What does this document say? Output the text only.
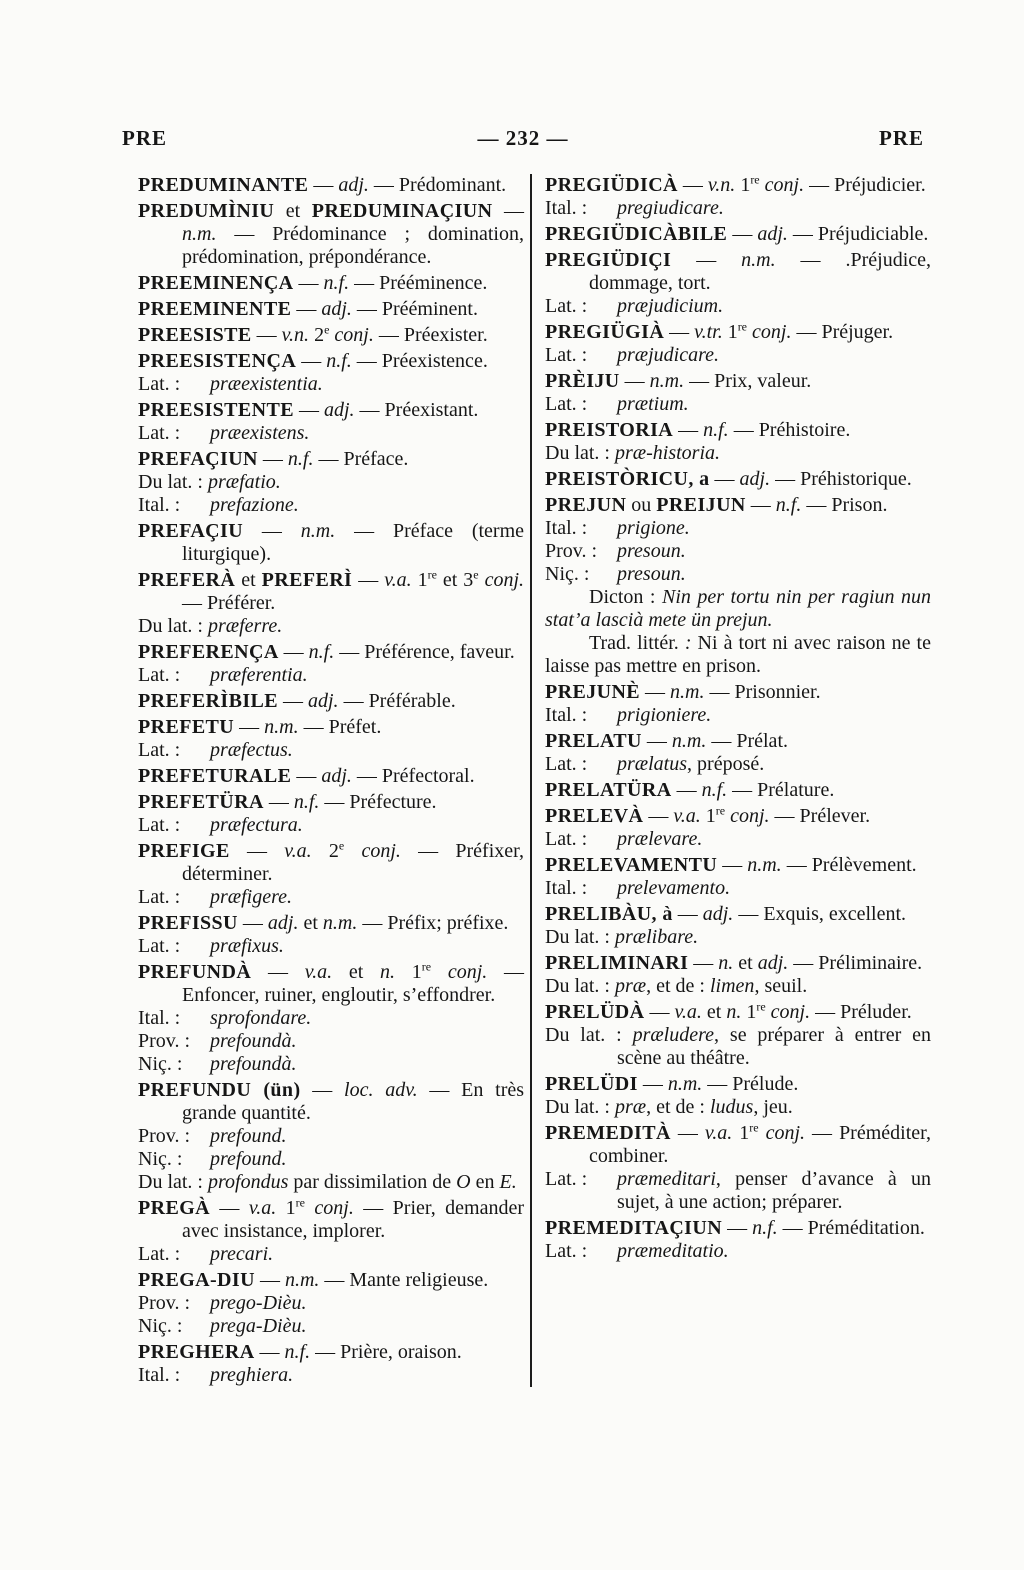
PRE	— 232 —	PRE

PREDUMINANTE — adj. — Prédominant.

PREDUMÌNIU et PREDUMINAÇIUN — n.m. — Prédominance ; domination, prédomination, prépondérance.

PREEMINENÇA — n.f. — Prééminence.

PREEMINENTE — adj. — Prééminent.

PREESISTE — v.n. 2e conj. — Préexister.

PREESISTENÇA — n.f. — Préexistence.

Lat. : præexistentia.

PREESISTENTE — adj. — Préexistant.

Lat. : præexistens.

PREFAÇIUN — n.f. — Préface.

Du lat. : præfatio.

Ital. : prefazione.

PREFAÇIU — n.m. — Préface (terme liturgique).

PREFERÀ et PREFERÌ — v.a. 1re et 3e conj. — Préférer.

Du lat. : præferre.

PREFERENÇA — n.f. — Préférence, faveur.

Lat. : præferentia.

PREFERÌBILE — adj. — Préférable.

PREFETU — n.m. — Préfet.

Lat. : præfectus.

PREFETURALE — adj. — Préfectoral.

PREFETÜRA — n.f. — Préfecture.

Lat. : præfectura.

PREFIGE — v.a. 2e conj. — Préfixer, déterminer.

Lat. : præfigere.

PREFISSU — adj. et n.m. — Préfix; préfixe.

Lat. : præfixus.

PREFUNDÀ — v.a. et n. 1re conj. — Enfoncer, ruiner, engloutir, s’effondrer.

Ital. : sprofondare.

Prov. : prefoundà.

Niç. : prefoundà.

PREFUNDU (ün) — loc. adv. — En très grande quantité.

Prov. : prefound.

Niç. : prefound.

Du lat. : profondus par dissimilation de O en E.

PREGÀ — v.a. 1re conj. — Prier, demander avec insistance, implorer.

Lat. : precari.

PREGA-DIU — n.m. — Mante religieuse.

Prov. : prego-Dièu.

Niç. : prega-Dièu.

PREGHERA — n.f. — Prière, oraison.

Ital. : preghiera.

PREGIÜDICÀ — v.n. 1re conj. — Préjudicier.

Ital. : pregiudicare.

PREGIÜDICÀBILE — adj. — Préjudiciable.

PREGIÜDIÇI — n.m. — .Préjudice, dommage, tort.

Lat. : præjudicium.

PREGIÜGIÀ — v.tr. 1re conj. — Préjuger.

Lat. : præjudicare.

PRÈIJU — n.m. — Prix, valeur.

Lat. : prætium.

PREISTORIA — n.f. — Préhistoire.

Du lat. : præ-historia.

PREISTÒRICU, a — adj. — Préhistorique.

PREJUN ou PREIJUN — n.f. — Prison.

Ital. : prigione.

Prov. : presoun.

Niç. : presoun.

Dicton : Nin per tortu nin per ragiun nun stat’a lascià mete ün prejun.

Trad. littér. : Ni à tort ni avec raison ne te laisse pas mettre en prison.

PREJUNÈ — n.m. — Prisonnier.

Ital. : prigioniere.

PRELATU — n.m. — Prélat.

Lat. : prælatus, préposé.

PRELATÜRA — n.f. — Prélature.

PRELEVÀ — v.a. 1re conj. — Prélever.

Lat. : prælevare.

PRELEVAMENTU — n.m. — Prélèvement.

Ital. : prelevamento.

PRELIBÀU, à — adj. — Exquis, excellent.

Du lat. : prælibare.

PRELIMINARI — n. et adj. — Préliminaire.

Du lat. : præ, et de : limen, seuil.

PRELÜDÀ — v.a. et n. 1re conj. — Préluder.

Du lat. : præludere, se préparer à entrer en scène au théâtre.

PRELÜDI — n.m. — Prélude.

Du lat. : præ, et de : ludus, jeu.

PREMEDITÀ — v.a. 1re conj. — Préméditer, combiner.

Lat. : præmeditari, penser d’avance à un sujet, à une action; préparer.

PREMEDITAÇIUN — n.f. — Préméditation.

Lat. : præmeditatio.
